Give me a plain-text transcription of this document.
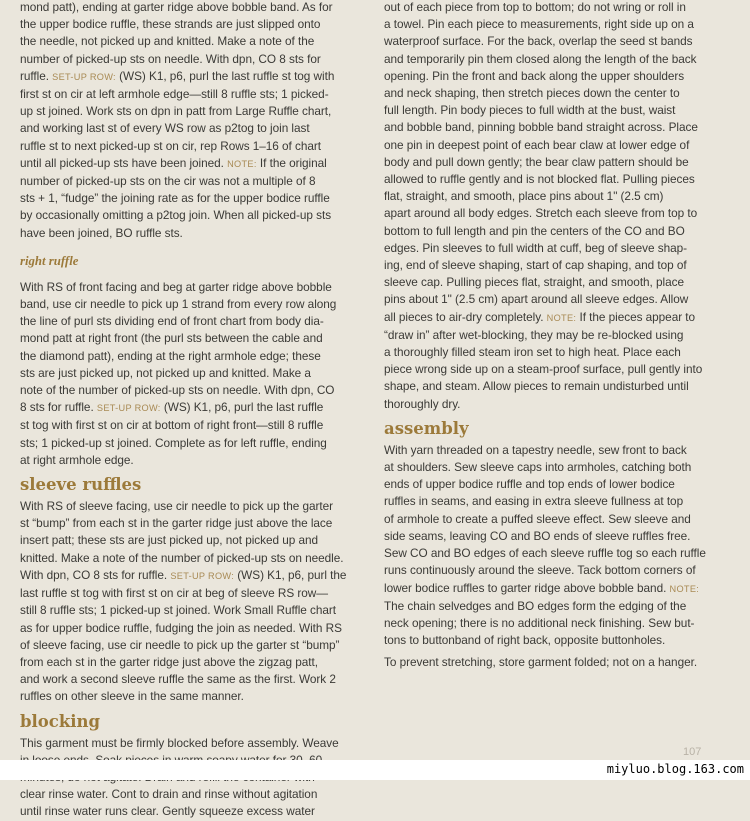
mond patt), ending at garter ridge above bobble band. As for
the upper bodice ruffle, these strands are just slipped onto
the needle, not picked up and knitted. Make a note of the
number of picked-up sts on needle. With dpn, CO 8 sts for
ruffle. SET-UP ROW: (WS) K1, p6, purl the last ruffle st tog with
first st on cir at left armhole edge—still 8 ruffle sts; 1 picked-
up st joined. Work sts on dpn in patt from Large Ruffle chart,
and working last st of every WS row as p2tog to join last
ruffle st to next picked-up st on cir, rep Rows 1–16 of chart
until all picked-up sts have been joined. NOTE: If the original
number of picked-up sts on the cir was not a multiple of 8
sts + 1, “fudge” the joining rate as for the upper bodice ruffle
by occasionally omitting a p2tog join. When all picked-up sts
have been joined, BO ruffle sts.

right ruffle

With RS of front facing and beg at garter ridge above bobble
band, use cir needle to pick up 1 strand from every row along
the line of purl sts dividing end of front chart from body dia-
mond patt at right front (the purl sts between the cable and
the diamond patt), ending at the right armhole edge; these
sts are just picked up, not picked up and knitted. Make a
note of the number of picked-up sts on needle. With dpn, CO
8 sts for ruffle. SET-UP ROW: (WS) K1, p6, purl the last ruffle
st tog with first st on cir at bottom of right front—still 8 ruffle
sts; 1 picked-up st joined. Complete as for left ruffle, ending
at right armhole edge.

sleeve ruffles

With RS of sleeve facing, use cir needle to pick up the garter
st “bump” from each st in the garter ridge just above the lace
insert patt; these sts are just picked up, not picked up and
knitted. Make a note of the number of picked-up sts on needle.
With dpn, CO 8 sts for ruffle. SET-UP ROW: (WS) K1, p6, purl the
last ruffle st tog with first st on cir at beg of sleeve RS row—
still 8 ruffle sts; 1 picked-up st joined. Work Small Ruffle chart
as for upper bodice ruffle, fudging the join as needed. With RS
of sleeve facing, use cir needle to pick up the garter st “bump”
from each st in the garter ridge just above the zigzag patt,
and work a second sleeve ruffle the same as the first. Work 2
ruffles on other sleeve in the same manner.

blocking

This garment must be firmly blocked before assembly. Weave

clear rinse water. Cont to drain and rinse without agitation
until rinse water runs clear. Gently squeeze excess water

out of each piece from top to bottom; do not wring or roll in
a towel. Pin each piece to measurements, right side up on a
waterproof surface. For the back, overlap the seed st bands
and temporarily pin them closed along the length of the back
opening. Pin the front and back along the upper shoulders
and neck shaping, then stretch pieces down the center to
full length. Pin body pieces to full width at the bust, waist
and bobble band, pinning bobble band straight across. Place
one pin in deepest point of each bear claw at lower edge of
body and pull down gently; the bear claw pattern should be
allowed to ruffle gently and is not blocked flat. Pulling pieces
flat, straight, and smooth, place pins about 1" (2.5 cm)
apart around all body edges. Stretch each sleeve from top to
bottom to full length and pin the centers of the CO and BO
edges. Pin sleeves to full width at cuff, beg of sleeve shap-
ing, end of sleeve shaping, start of cap shaping, and top of
sleeve cap. Pulling pieces flat, straight, and smooth, place
pins about 1" (2.5 cm) apart around all sleeve edges. Allow
all pieces to air-dry completely. NOTE: If the pieces appear to
“draw in” after wet-blocking, they may be re-blocked using
a thoroughly filled steam iron set to high heat. Place each
piece wrong side up on a steam-proof surface, pull gently into
shape, and steam. Allow pieces to remain undisturbed until
thoroughly dry.

assembly

With yarn threaded on a tapestry needle, sew front to back
at shoulders. Sew sleeve caps into armholes, catching both
ends of upper bodice ruffle and top ends of lower bodice
ruffles in seams, and easing in extra sleeve fullness at top
of armhole to create a puffed sleeve effect. Sew sleeve and
side seams, leaving CO and BO ends of sleeve ruffles free.
Sew CO and BO edges of each sleeve ruffle tog so each ruffle
runs continuously around the sleeve. Tack bottom corners of
lower bodice ruffles to garter ridge above bobble band. NOTE:
The chain selvedges and BO edges form the edging of the
neck opening; there is no additional neck finishing. Sew but-
tons to buttonband of right back, opposite buttonholes.

To prevent stretching, store garment folded; not on a hanger.

107
miyluo.blog.163.com
